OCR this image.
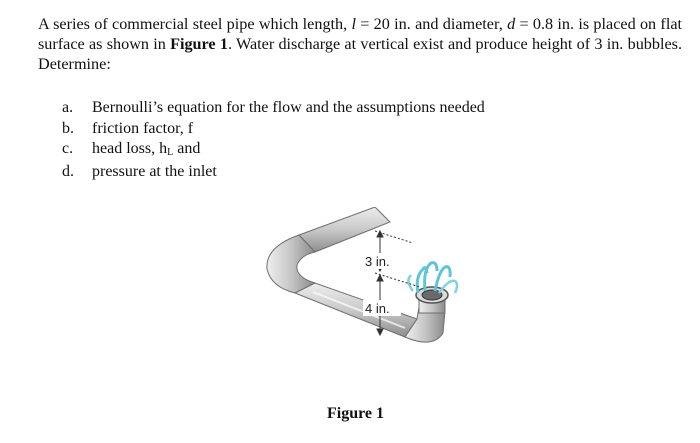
A series of commercial steel pipe which length, l = 20 in. and diameter, d = 0.8 in. is placed on flat surface as shown in Figure 1. Water discharge at vertical exist and produce height of 3 in. bubbles. Determine:
a.	Bernoulli’s equation for the flow and the assumptions needed
b.	friction factor, f
c.	head loss, $h_L$ and
d.	pressure at the inlet
3 in.
4 in.
Figure 1
